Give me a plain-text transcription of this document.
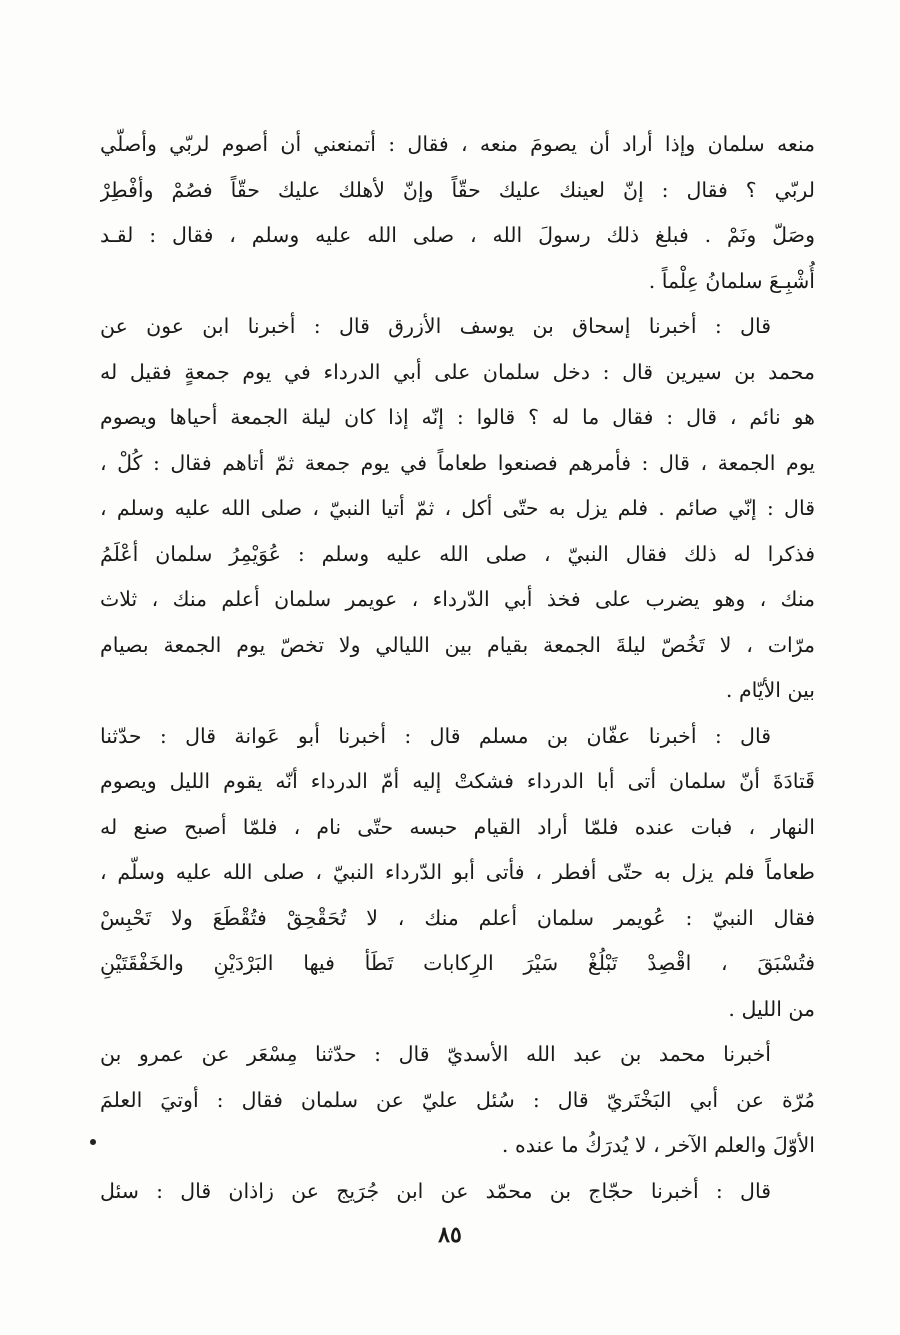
منعه سلمان وإذا أراد أن يصومَ منعه ، فقال : أتمنعني أن أصوم لربّي وأصلّي
لربّي ؟ فقال : إنّ لعينك عليك حقّاً وإنّ لأهلك عليك حقّاً فصُمْ وأفْطِرْ
وصَلّ ونَمْ . فبلغ ذلك رسولَ الله ، صلى الله عليه وسلم ، فقال : لقـد
أُشْبِـعَ سلمانُ عِلْماً .
قال : أخبرنا إسحاق بن يوسف الأزرق قال : أخبرنا ابن عون عن
محمد بن سيرين قال : دخل سلمان على أبي الدرداء في يوم جمعةٍ فقيل له
هو نائم ، قال : فقال ما له ؟ قالوا : إنّه إذا كان ليلة الجمعة أحياها ويصوم
يوم الجمعة ، قال : فأمرهم فصنعوا طعاماً في يوم جمعة ثمّ أتاهم فقال : كُلْ ،
قال : إنّي صائم . فلم يزل به حتّى أكل ، ثمّ أتيا النبيّ ، صلى الله عليه وسلم ،
فذكرا له ذلك فقال النبيّ ، صلى الله عليه وسلم : عُوَيْمِرُ سلمان أعْلَمُ
منك ، وهو يضرب على فخذ أبي الدّرداء ، عويمر سلمان أعلم منك ، ثلاث
مرّات ، لا تَخُصّ ليلةَ الجمعة بقيام بين الليالي ولا تخصّ يوم الجمعة بصيام
بين الأيّام .
قال : أخبرنا عفّان بن مسلم قال : أخبرنا أبو عَوانة قال : حدّثنا
قَتادَةَ أنّ سلمان أتى أبا الدرداء فشكتْ إليه أمّ الدرداء أنّه يقوم الليل ويصوم
النهار ، فبات عنده فلمّا أراد القيام حبسه حتّى نام ، فلمّا أصبح صنع له
طعاماً فلم يزل به حتّى أفطر ، فأتى أبو الدّرداء النبيّ ، صلى الله عليه وسلّم ،
فقال النبيّ : عُويمر سلمان أعلم منك ، لا تُحَقْحِقْ فتُقْطَعَ ولا تَحْبِسْ
فتُسْبَقَ ، اقْصِدْ تَبْلُغْ سَيْرَ الرِكابات تَطَأ فيها البَرْدَيْنِ والخَفْقَتَيْنِ
من الليل .
أخبرنا محمد بن عبد الله الأسديّ قال : حدّثنا مِسْعَر عن عمرو بن
مُرّة عن أبي البَخْتَريّ قال : سُئل عليّ عن سلمان فقال : أوتيَ العلمَ
الأوّلَ والعلم الآخر ، لا يُدرَكُ ما عنده .
قال : أخبرنا حجّاج بن محمّد عن ابن جُرَيج عن زاذان قال : سئل
٨٥
